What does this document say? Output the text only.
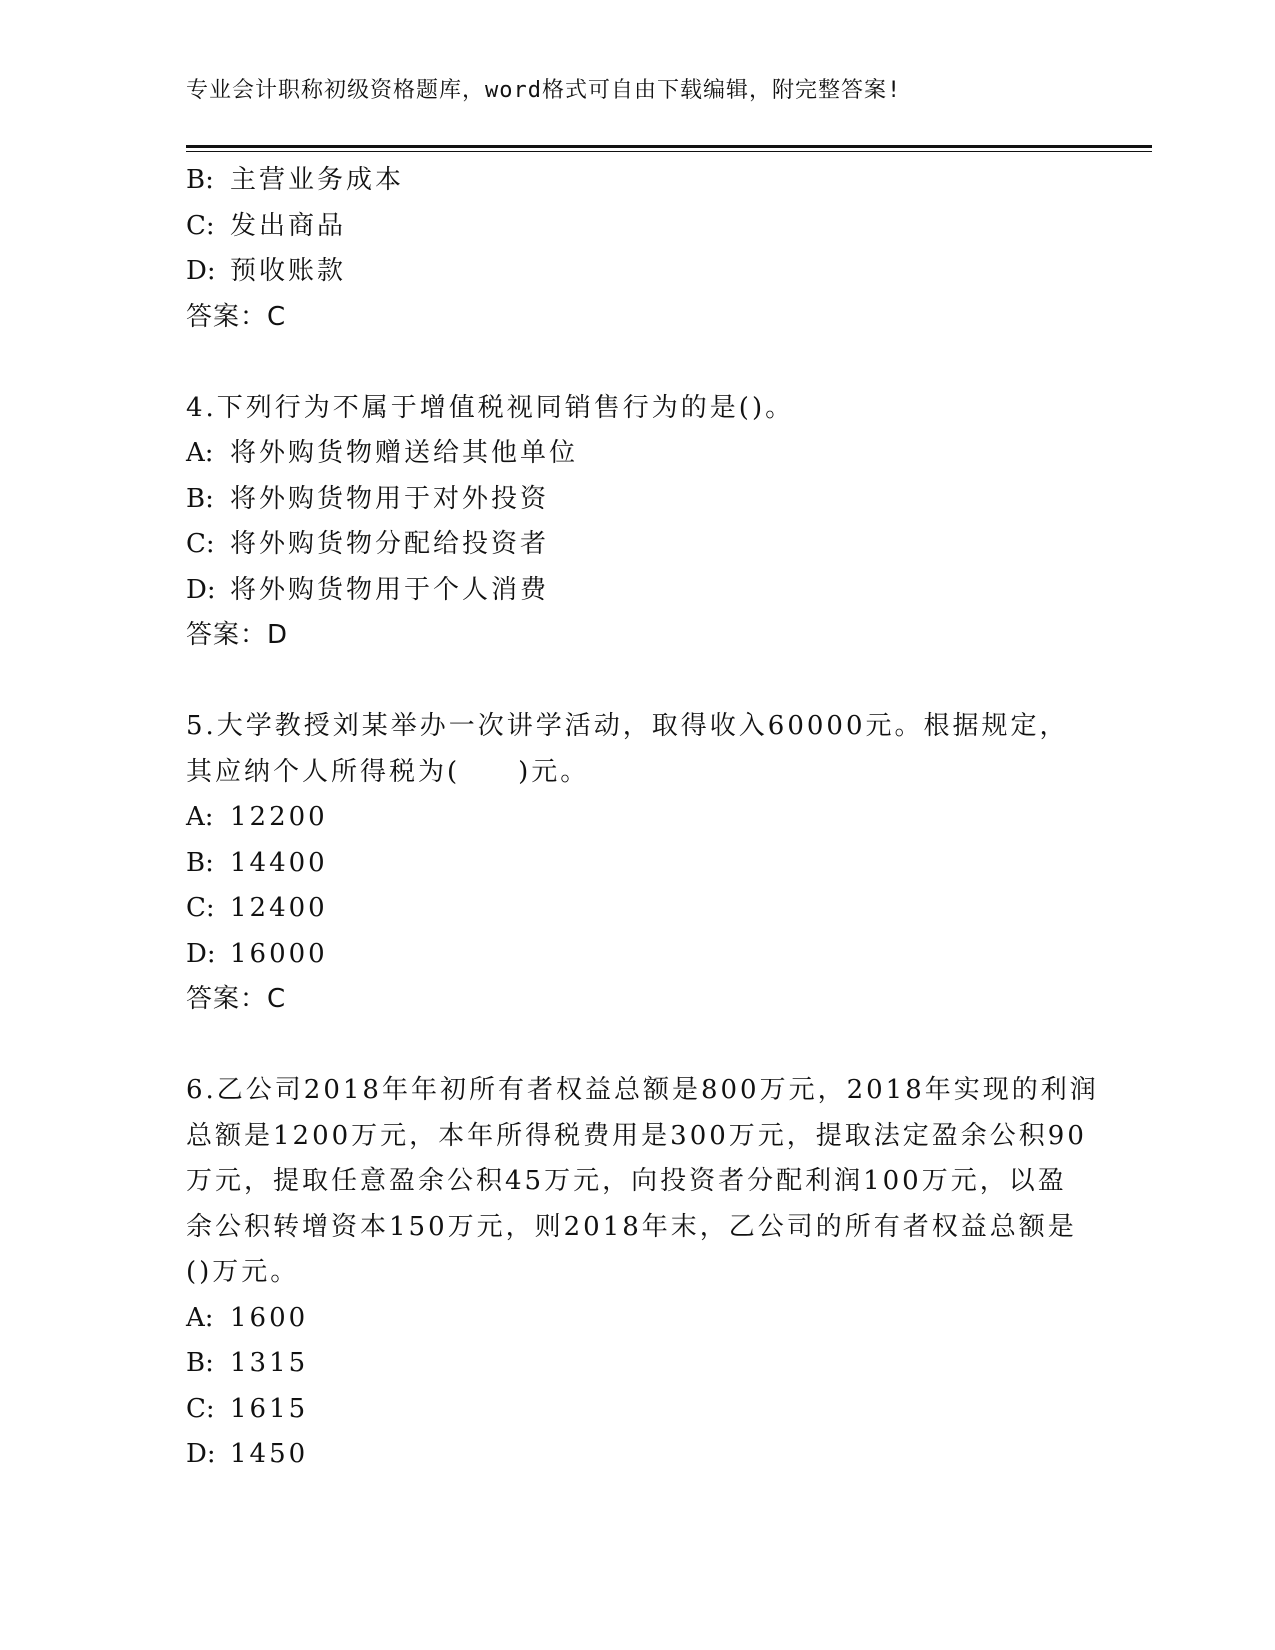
专业会计职称初级资格题库，word格式可自由下载编辑，附完整答案!
B: 主营业务成本
C: 发出商品
D: 预收账款
答案：C
4.下列行为不属于增值税视同销售行为的是()。
A: 将外购货物赠送给其他单位
B: 将外购货物用于对外投资
C: 将外购货物分配给投资者
D: 将外购货物用于个人消费
答案：D
5.大学教授刘某举办一次讲学活动，取得收入60000元。根据规定，
其应纳个人所得税为(　　)元。
A: 12200
B: 14400
C: 12400
D: 16000
答案：C
6.乙公司2018年年初所有者权益总额是800万元，2018年实现的利润
总额是1200万元，本年所得税费用是300万元，提取法定盈余公积90
万元，提取任意盈余公积45万元，向投资者分配利润100万元，以盈
余公积转增资本150万元，则2018年末，乙公司的所有者权益总额是
()万元。
A: 1600
B: 1315
C: 1615
D: 1450
